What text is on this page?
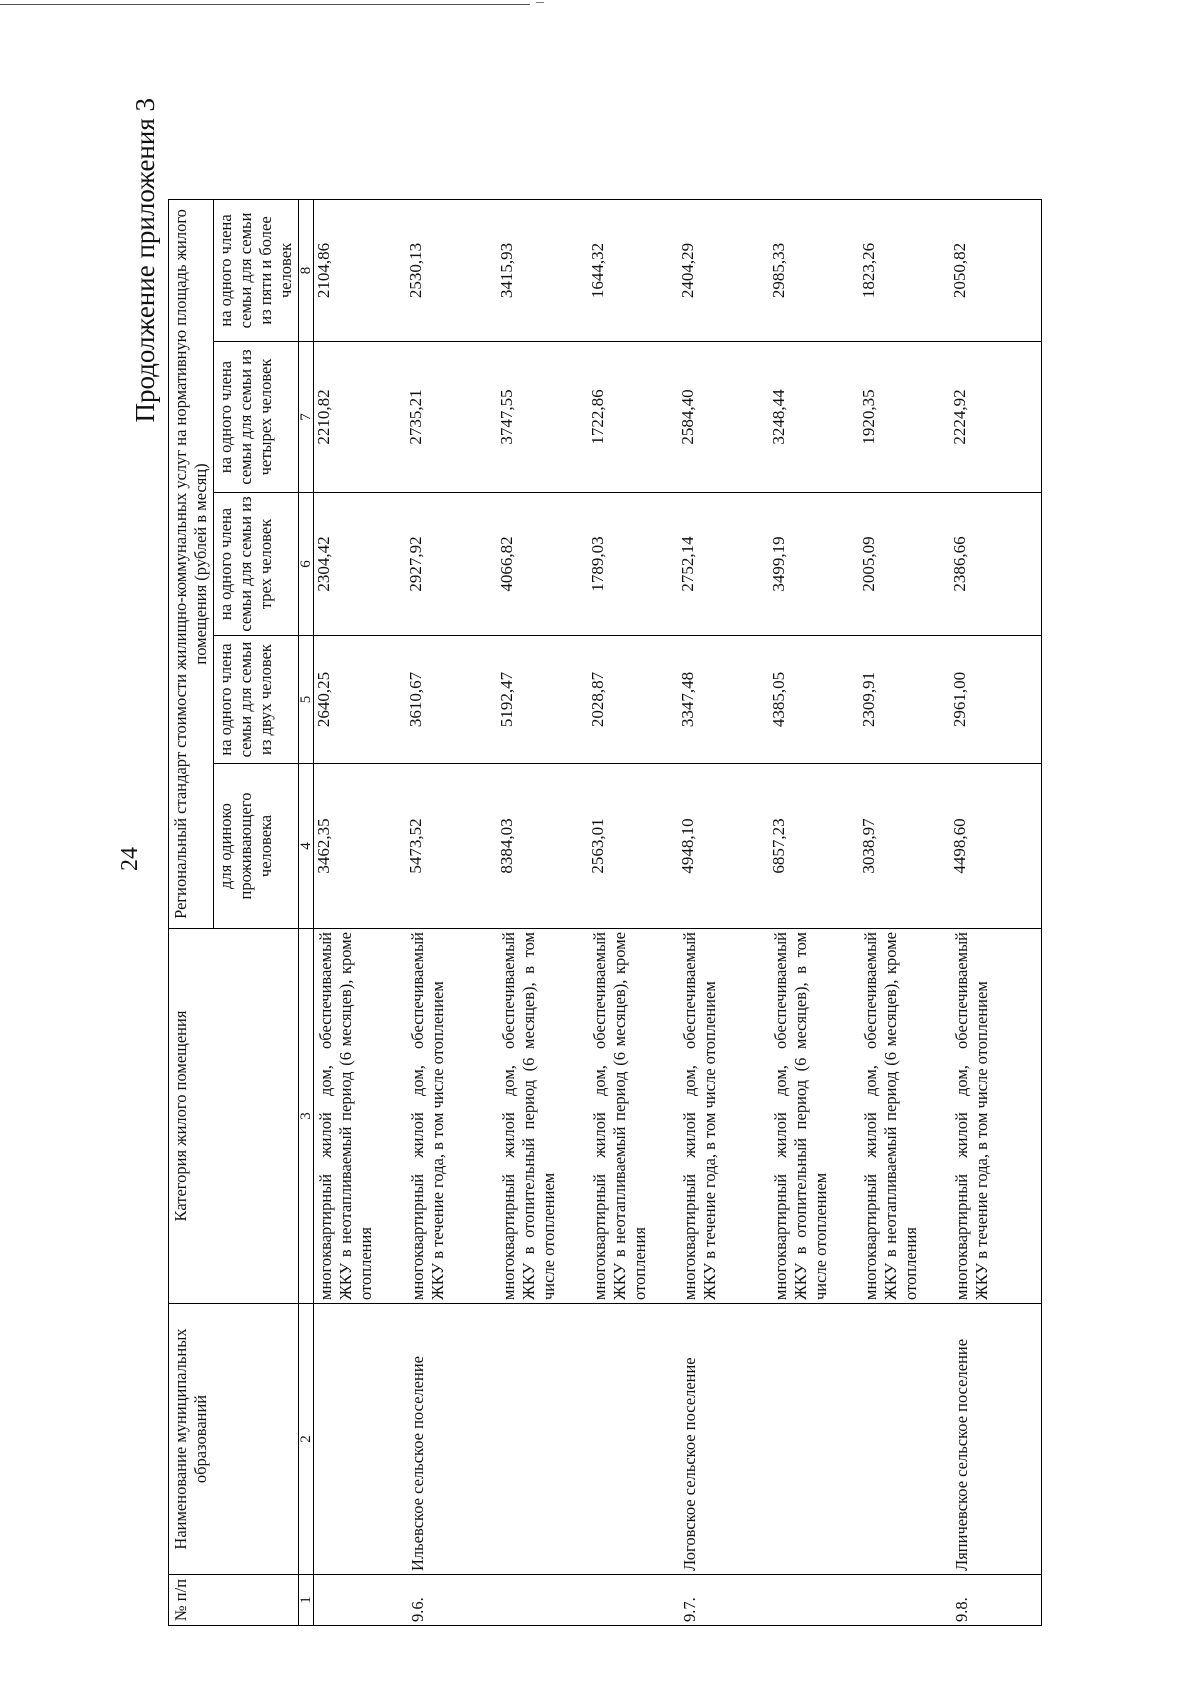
24
Продолжение приложения 3
№ п/п	Наименование муниципальных образований	Категория жилого помещения	Региональный стандарт стоимости жилищно-коммунальных услуг на нормативную площадь жилого помещения (рублей в месяц)					
			для одиноко проживающего человека	на одного члена семьи для семьи из двух человек	на одного члена семьи для семьи из трех человек	на одного члена семьи для семьи из четырех человек	на одного члена семьи для семьи из пяти и более человек	
1	2	3	4	5	6	7	8	
		многоквартирный жилой дом, обеспечиваемый ЖКУ в неотапливаемый период (6 месяцев), кроме отопления	3462,35	2640,25	2304,42	2210,82	2104,86	
9.6.	Ильевское сельское поселение	многоквартирный жилой дом, обеспечиваемый ЖКУ в течение года, в том числе отоплением	5473,52	3610,67	2927,92	2735,21	2530,13	
		многоквартирный жилой дом, обеспечиваемый ЖКУ в отопительный период (6 месяцев), в том числе отоплением	8384,03	5192,47	4066,82	3747,55	3415,93	
		многоквартирный жилой дом, обеспечиваемый ЖКУ в неотапливаемый период (6 месяцев), кроме отопления	2563,01	2028,87	1789,03	1722,86	1644,32	
9.7.	Логовское сельское поселение	многоквартирный жилой дом, обеспечиваемый ЖКУ в течение года, в том числе отоплением	4948,10	3347,48	2752,14	2584,40	2404,29	
		многоквартирный жилой дом, обеспечиваемый ЖКУ в отопительный период (6 месяцев), в том числе отоплением	6857,23	4385,05	3499,19	3248,44	2985,33	
		многоквартирный жилой дом, обеспечиваемый ЖКУ в неотапливаемый период (6 месяцев), кроме отопления	3038,97	2309,91	2005,09	1920,35	1823,26	
9.8.	Ляпичевское сельское поселение	многоквартирный жилой дом, обеспечиваемый ЖКУ в течение года, в том числе отоплением	4498,60	2961,00	2386,66	2224,92	2050,82	
